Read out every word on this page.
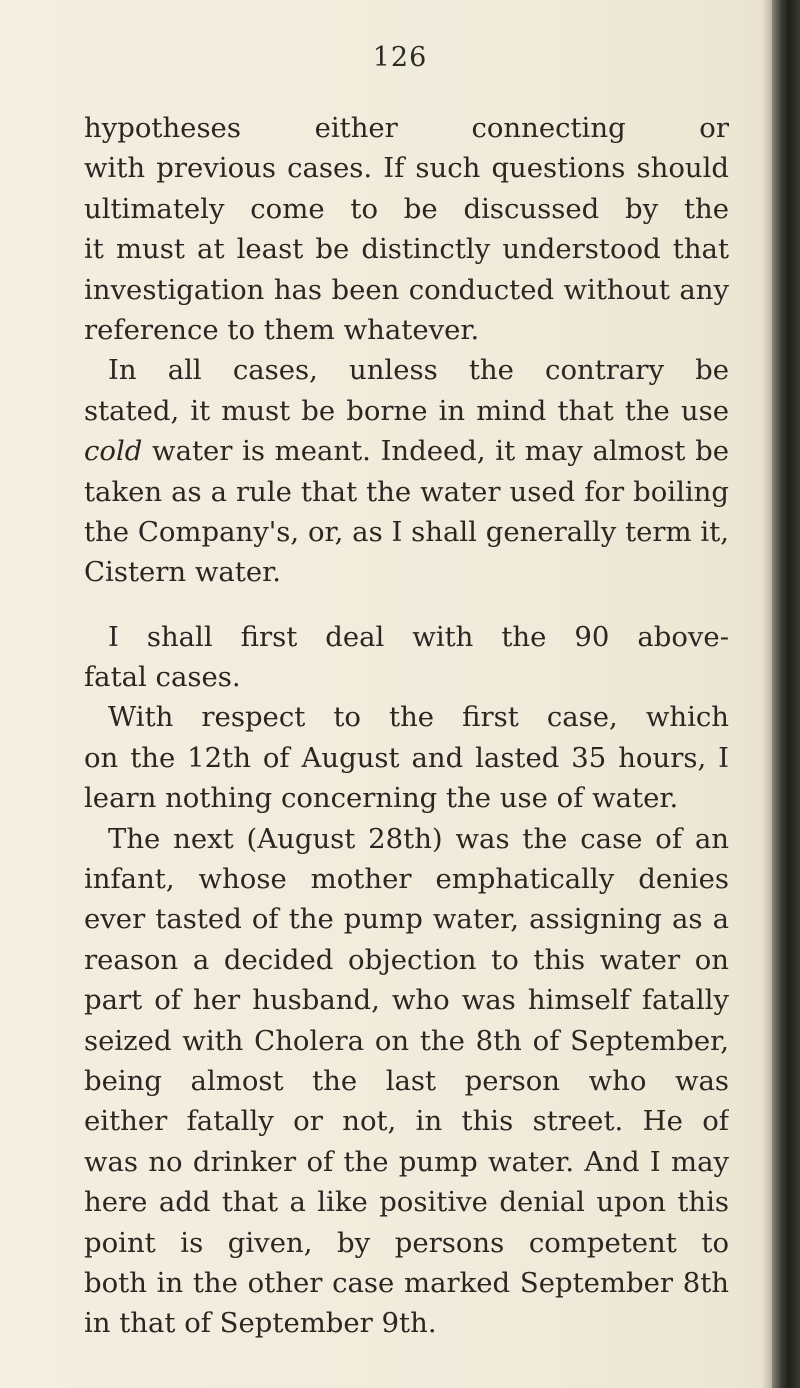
126
hypotheses either connecting or
with previous cases. If such questions should
ultimately come to be discussed by the
it must at least be distinctly understood that
investigation has been conducted without any
reference to them whatever.
In all cases, unless the contrary be
stated, it must be borne in mind that the use
cold water is meant. Indeed, it may almost be
taken as a rule that the water used for boiling
the Company's, or, as I shall generally term it,
Cistern water.
I shall first deal with the 90 above-
fatal cases.
With respect to the first case, which
on the 12th of August and lasted 35 hours, I
learn nothing concerning the use of water.
The next (August 28th) was the case of an
infant, whose mother emphatically denies
ever tasted of the pump water, assigning as a
reason a decided objection to this water on
part of her husband, who was himself fatally
seized with Cholera on the 8th of September,
being almost the last person who was
either fatally or not, in this street. He of
was no drinker of the pump water. And I may
here add that a like positive denial upon this
point is given, by persons competent to
both in the other case marked September 8th
in that of September 9th.
